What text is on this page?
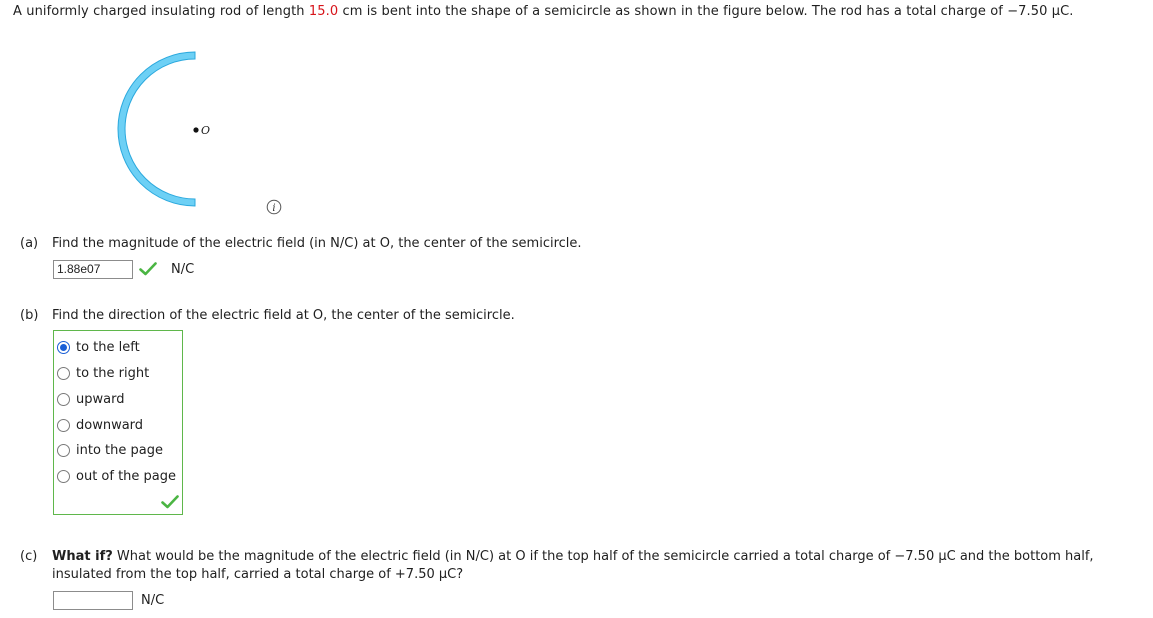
A uniformly charged insulating rod of length 15.0 cm is bent into the shape of a semicircle as shown in the figure below. The rod has a total charge of −7.50 μC.
O
i
(a) Find the magnitude of the electric field (in N/C) at O, the center of the semicircle.
1.88e07	N/C
(b) Find the direction of the electric field at O, the center of the semicircle.
to the left
to the right
upward
downward
into the page
out of the page
(c) What if? What would be the magnitude of the electric field (in N/C) at O if the top half of the semicircle carried a total charge of −7.50 μC and the bottom half,
insulated from the top half, carried a total charge of +7.50 μC?
N/C
